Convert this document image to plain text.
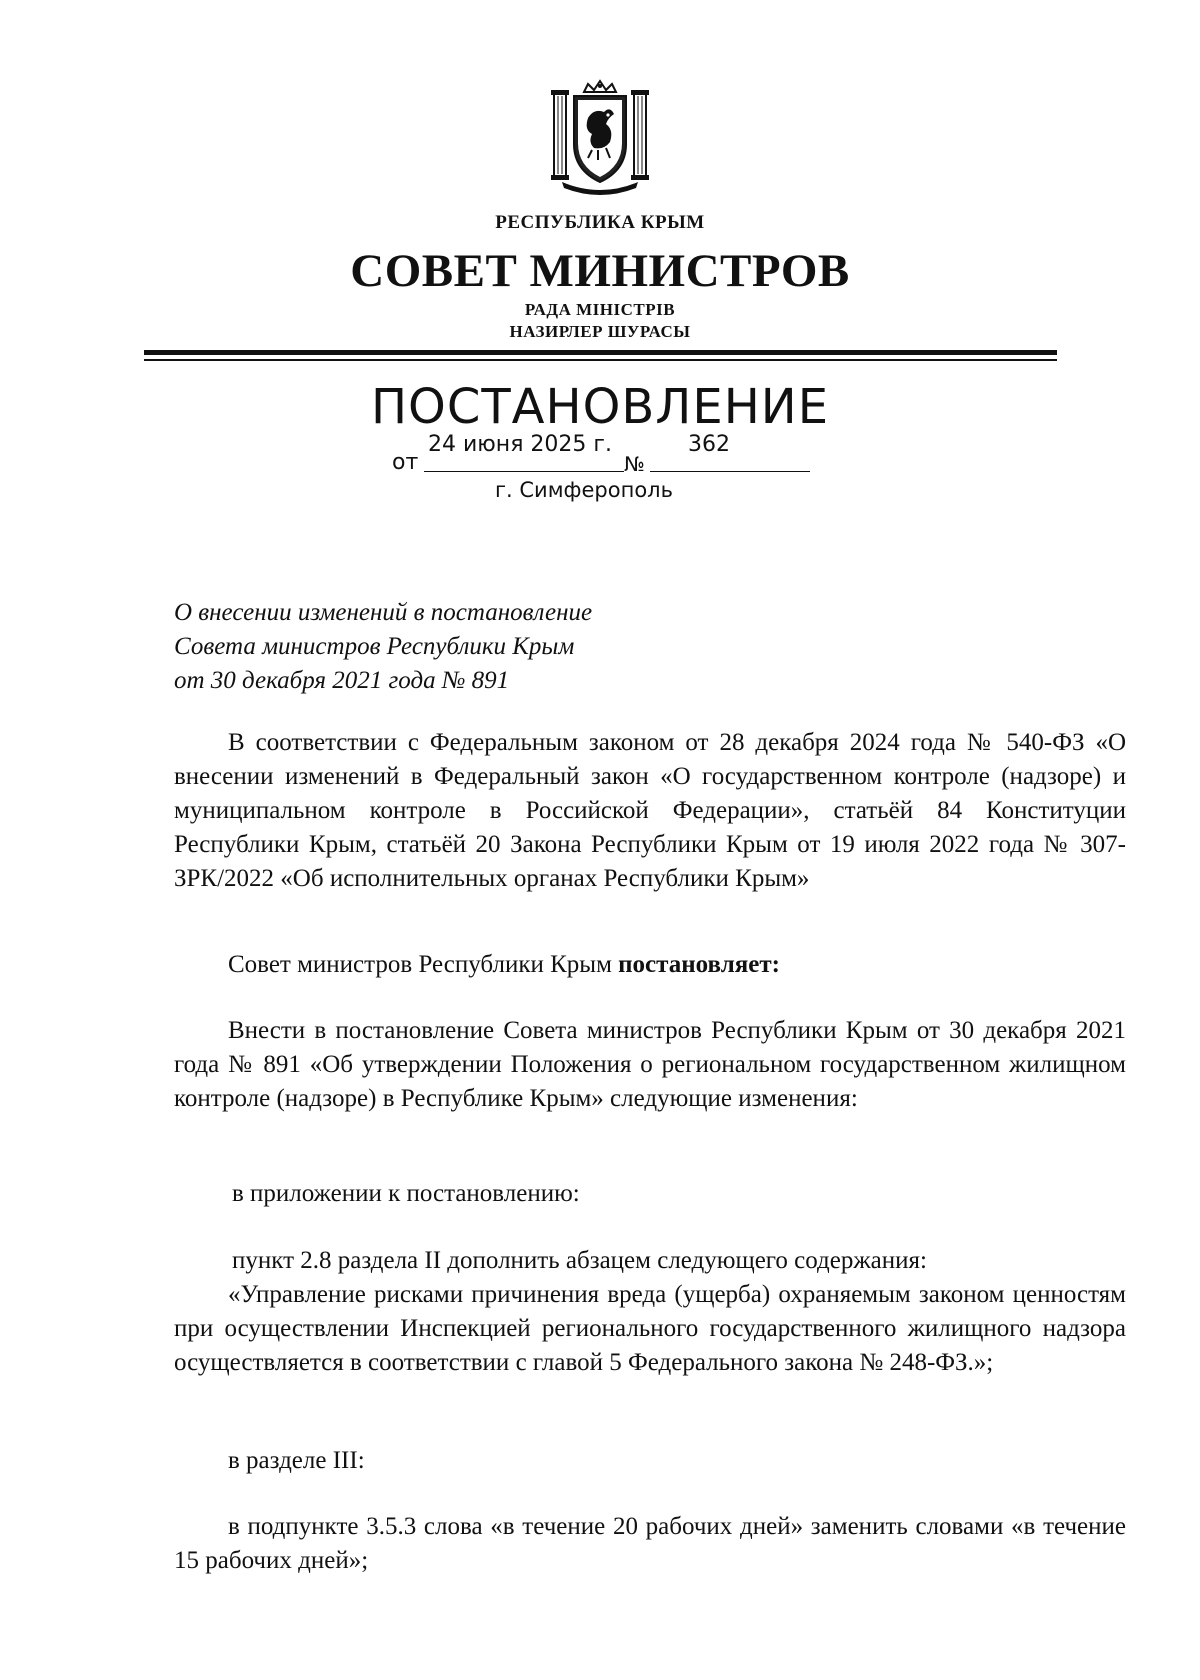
РЕСПУБЛИКА КРЫМ
СОВЕТ МИНИСТРОВ
РАДА МІНІСТРІВ
НАЗИРЛЕР ШУРАСЫ
ПОСТАНОВЛЕНИЕ
от
24 июня 2025 г.
№
362
г. Симферополь
О внесении изменений в постановление
Совета министров Республики Крым
от 30 декабря 2021 года № 891
В соответствии с Федеральным законом от 28 декабря 2024 года № 540-ФЗ «О внесении изменений в Федеральный закон «О государственном контроле (надзоре) и муниципальном контроле в Российской Федерации», статьёй 84 Конституции Республики Крым, статьёй 20 Закона Республики Крым от 19 июля 2022 года № 307-ЗРК/2022 «Об исполнительных органах Республики Крым»
Совет министров Республики Крым постановляет:
Внести в постановление Совета министров Республики Крым от 30 декабря 2021 года № 891 «Об утверждении Положения о региональном государственном жилищном контроле (надзоре) в Республике Крым» следующие изменения:
в приложении к постановлению:
пункт 2.8 раздела II дополнить абзацем следующего содержания:
«Управление рисками причинения вреда (ущерба) охраняемым законом ценностям при осуществлении Инспекцией регионального государственного жилищного надзора осуществляется в соответствии с главой 5 Федерального закона № 248-ФЗ.»;
в разделе III:
в подпункте 3.5.3 слова «в течение 20 рабочих дней» заменить словами «в течение 15 рабочих дней»;
